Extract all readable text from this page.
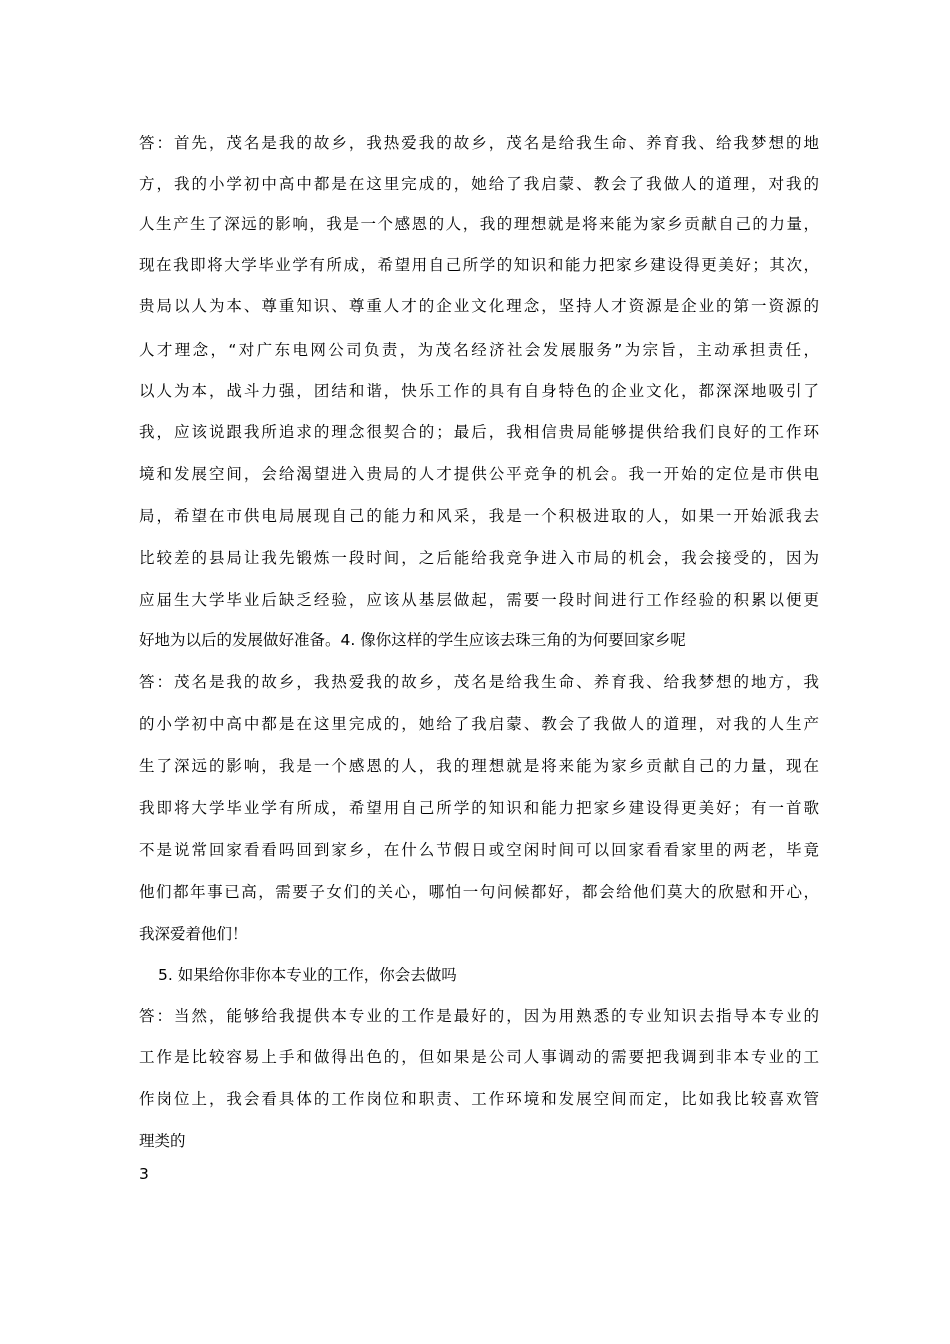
答：首先，茂名是我的故乡，我热爱我的故乡，茂名是给我生命、养育我、给我梦想的地
方，我的小学初中高中都是在这里完成的，她给了我启蒙、教会了我做人的道理，对我的
人生产生了深远的影响，我是一个感恩的人，我的理想就是将来能为家乡贡献自己的力量，
现在我即将大学毕业学有所成，希望用自己所学的知识和能力把家乡建设得更美好；其次，
贵局以人为本、尊重知识、尊重人才的企业文化理念，坚持人才资源是企业的第一资源的
人才理念，“对广东电网公司负责，为茂名经济社会发展服务”为宗旨，主动承担责任，
以人为本，战斗力强，团结和谐，快乐工作的具有自身特色的企业文化，都深深地吸引了
我，应该说跟我所追求的理念很契合的；最后，我相信贵局能够提供给我们良好的工作环
境和发展空间，会给渴望进入贵局的人才提供公平竞争的机会。我一开始的定位是市供电
局，希望在市供电局展现自己的能力和风采，我是一个积极进取的人，如果一开始派我去
比较差的县局让我先锻炼一段时间，之后能给我竞争进入市局的机会，我会接受的，因为
应届生大学毕业后缺乏经验，应该从基层做起，需要一段时间进行工作经验的积累以便更
好地为以后的发展做好准备。4. 像你这样的学生应该去珠三角的为何要回家乡呢
答：茂名是我的故乡，我热爱我的故乡，茂名是给我生命、养育我、给我梦想的地方，我
的小学初中高中都是在这里完成的，她给了我启蒙、教会了我做人的道理，对我的人生产
生了深远的影响，我是一个感恩的人，我的理想就是将来能为家乡贡献自己的力量，现在
我即将大学毕业学有所成，希望用自己所学的知识和能力把家乡建设得更美好；有一首歌
不是说常回家看看吗回到家乡，在什么节假日或空闲时间可以回家看看家里的两老，毕竟
他们都年事已高，需要子女们的关心，哪怕一句问候都好，都会给他们莫大的欣慰和开心，
我深爱着他们！
5. 如果给你非你本专业的工作，你会去做吗
答：当然，能够给我提供本专业的工作是最好的，因为用熟悉的专业知识去指导本专业的
工作是比较容易上手和做得出色的，但如果是公司人事调动的需要把我调到非本专业的工
作岗位上，我会看具体的工作岗位和职责、工作环境和发展空间而定，比如我比较喜欢管
理类的
3
